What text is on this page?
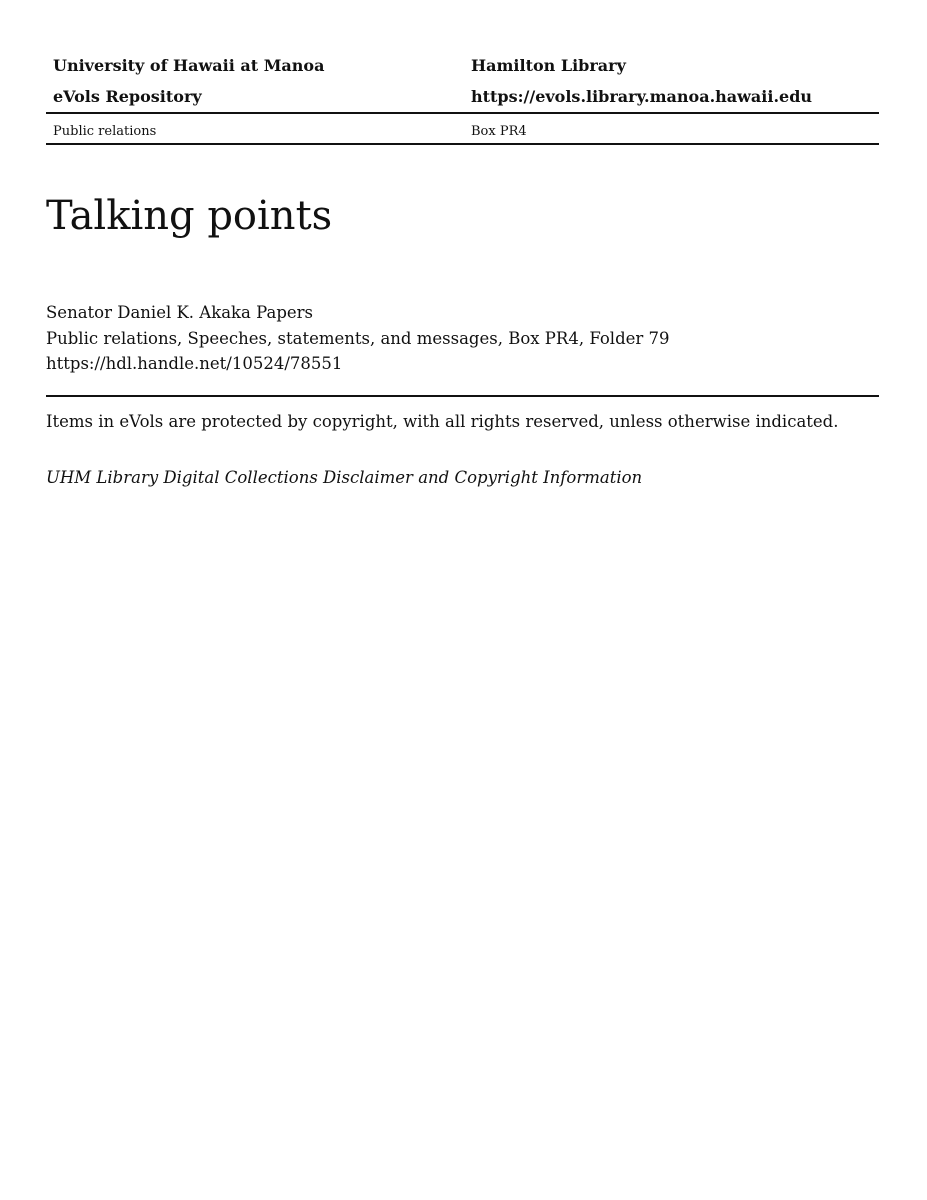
University of Hawaii at Manoa	Hamilton Library
eVols Repository	https://evols.library.manoa.hawaii.edu
Public relations	Box PR4
Talking points
Senator Daniel K. Akaka Papers
Public relations, Speeches, statements, and messages, Box PR4, Folder 79
https://hdl.handle.net/10524/78551
Items in eVols are protected by copyright, with all rights reserved, unless otherwise indicated.
UHM Library Digital Collections Disclaimer and Copyright Information
